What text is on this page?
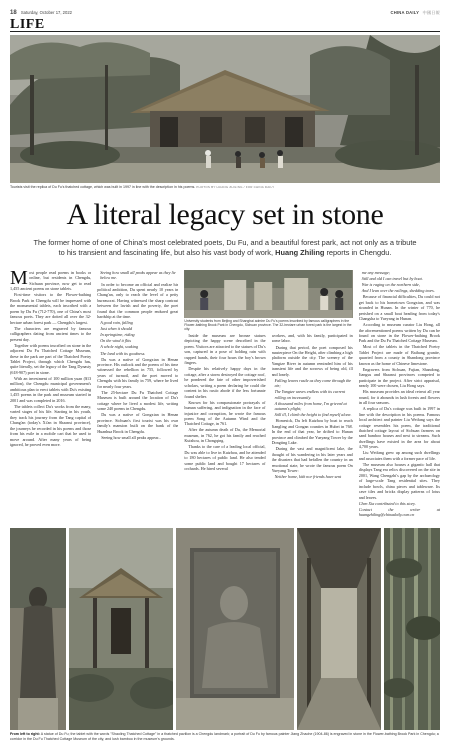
18 Saturday, October 17, 2022	CHINA DAILY 中國日報
LIFE
Tourists visit the replica of Du Fu's thatched cottage, which was built in 1997 in line with the description in his poems. PHOTOS BY HUANG ZHILING / FOR CHINA DAILY
A literal legacy set in stone
The former home of one of China's most celebrated poets, Du Fu, and a beautiful forest park, act not only as a tribute to his transient and fascinating life, but also his vast body of work, Huang Zhiling reports in Chengdu.
M ost people read poems in books or online, but residents in Chengdu, Sichuan province, now get to read 1,455 ancient poems on stone tablets.

First-time visitors to the Flower-bathing Brook Park in Chengdu will be impressed with the monumental tablets, each inscribed with a poem by Du Fu (712-770), one of China's most famous poets. They are dotted all over the 32-hectare urban forest park — Chengdu's largest.

The characters are engraved by famous calligraphers dating from ancient times to the present day.

Together with poems inscribed on stone in the adjacent Du Fu Thatched Cottage Museum, these in the park are part of the Thatched Poetry Tablet Project, through which Chengdu has, quite literally, set the legacy of the Tang Dynasty (618-907) poet in stone.

With an investment of 100 million yuan ($13 million), the Chengdu municipal government's ambitious plan to erect tablets with Du's existing 1,455 poems in the park and museum started in 2001 and was completed in 2016.

The tablets collect Du's works from the many, varied stages of his life. Starting in his youth, they track his journey from the Tang capital of Chang'an (today's Xi'an in Shaanxi province), the journeys he recorded in his poems and those from his exile in a mobile cart that he used to move around. After many years of being ignored, he proved even more.

Seeing how small all peaks appear as they lie below me.

In order to become an official and realize his political ambition, Du spent nearly 10 years in Chang'an, only to reach the level of a petty bureaucrat. Having witnessed the sharp contrast between the lavish and the poverty, the poet found that the common people endured great hardship at the time.

A good rain, falling

Just when it should

In springtime, riding

On the wind it flits

A whole night, soaking

The land with its goodness.

Du was a native of Gongxian in Henan province. His outlook and the poems of his time witnessed the rebellion in 755, followed by years of turmoil, and the poet moved to Chengdu with his family in 759, where he lived for nearly four years.

The 25-hectare Du Fu Thatched Cottage Museum is built around the location of Du's cottage where he lived a modest life, writing some 240 poems in Chengdu.

Du was a native of Gongxian in Henan province. Sichuan's first tourist was his own family's mansion built on the bank of the Huanhua Brook in Chengdu.

Seeing how small all peaks appear...

Inside the museum are bronze statues depicting the happy scene described in the poem. Visitors are attracted to the statues of Du's son, captured in a pose of holding rain with cupped hands, their four hours the boy's brown fingers.

Despite his relatively happy days in the cottage, after a storm destroyed the cottage roof, he pondered the fate of other impoverished scholars, writing a poem declaring he could die content in his rustic abode if the less fortunate found shelter.

Known for his compassionate portrayals of human suffering, and indignation in the face of injustice and corruption, he wrote the famous poem Song of the Autumn Wind and the Thatched Cottage, in 761.

After the autumn death of Du, the Memorial museum, in 762, he got his family and reached Kuizhou, in Chongqing.

Thanks to the care of a leading local official, Du was able to live in Kuizhou, and he attended to 180 hectares of public land. He also tended some public land and bought 17 hectares of orchards. He hired several

workers, and, with his family, participated in some labor.

During that period, the poet composed his masterpiece On the Height, after climbing a high platform outside the city. The scenery of the Yangtze River in autumn reminded him of his transient life and the sorrows of being old, ill and lonely.

Falling leaves rustle as they come through the air;

The Yangtze waves endless with its current rolling on incessantly.

A thousand miles from home, I'm grieved at autumn's plight;

Still ill, I climb the height to find myself alone.

Homesick, Du left Kuizhou by boat to reach Jiangling and Gongan counties in Hubei in 768. In the end of that year, he drifted to Hunan province and climbed the Yueyang Tower by the Dongting Lake.

During the vast and magnificent lake, the thought of his wandering in his later years and the disasters that had befallen the country in an emotional state, he wrote the famous poem On Yueyang Tower:

Neither home, kith nor friends have sent

me any message;

Still and old I can travel but by boat.

War is raging on the northern side,

And I lean over the railings, shedding tears.

Because of financial difficulties, Du could not get back to his hometown Gongxian, and was stranded in Hunan. In the winter of 770, he perished on a small boat heading from today's Changsha to Yueyang in Hunan.

According to museum curator Liu Hong, all the aforementioned poems written by Du can be found on stone in the Flower-bathing Brook Park and the Du Fu Thatched Cottage Museum.

Most of the tablets in the Thatched Poetry Tablet Project are made of Baihang granite, quarried from a county in Shandong province known as the home of Chinese limestone.

Engravers from Sichuan, Fujian, Shandong, Jiangsu and Shaanxi provinces competed to participate in the project. After strict appraisal, nearly 100 were chosen, Liu Hong says.

His museum provides an ideal retreat all year round, for it abounds in lush forests and flowers in all four seasons.

A replica of Du's cottage was built in 1997 in line with the description in his poems. Famous local architect and painter Liu Weifang says the cottage resembles his poem, the traditional thatched cottage layout of Sichuan farmers on sand bamboo houses and next to streams. Such dwellings have existed in the area for about 4,700 years.

Liu Weifang grew up among such dwellings and associates them with a former pace of life.

The museum also houses a gigantic hall that displays Tang era relics discovered on the site in 2001, Wang Chengzhi's gap by the archaeology of large-scale Tang residential sites. They include bowls, china pieces and tableware. Its cave tiles and bricks display patterns of lotus and leaves.

Chen Xia contributed to this story.

Contact the writer at huangzhiling@chinadaily.com.cn

University students from Beijing and Shanghai admire Du Fu's poems inscribed by famous calligraphers in the Flower-bathing Brook Park in Chengdu, Sichuan province. The 32-hectare urban forest park is the largest in the city.
From left to right: A statue of Du Fu; the tablet with the words "Shaoling Thatched Cottage" in a thatched pavilion is a Chengdu landmark; a portrait of Du Fu by famous painter Jiang Zhaohe (1904-86) is engraved in stone in the Flower-bathing Brook Park in Chengdu; a corridor in the Du Fu Thatched Cottage Museum of the city, and lush bamboo in the museum's grounds.
